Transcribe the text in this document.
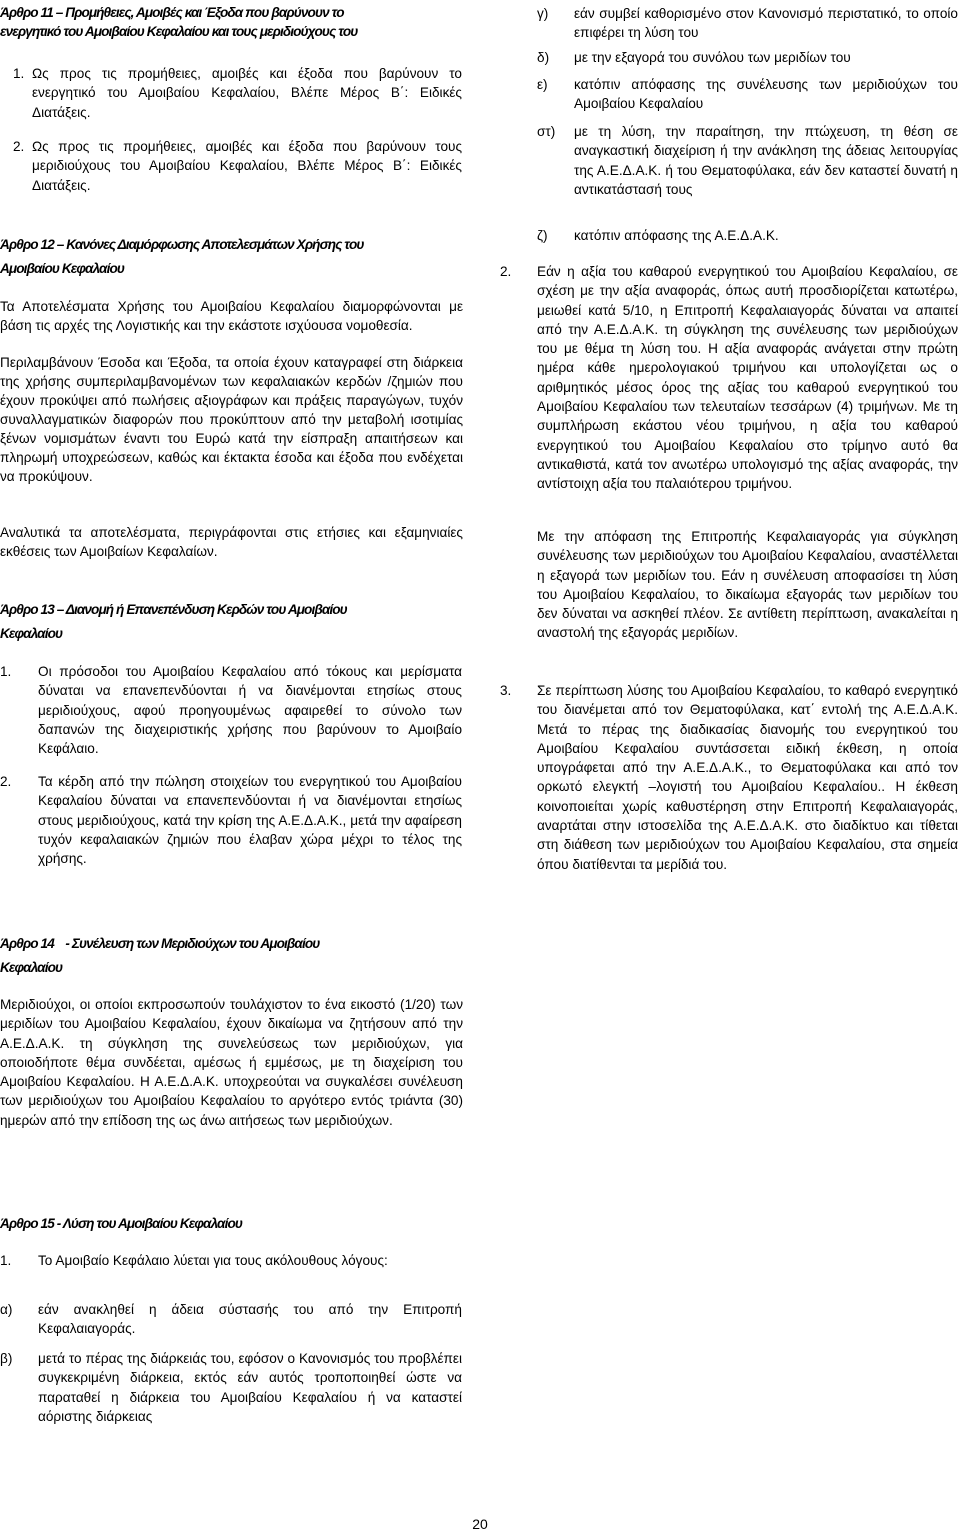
Άρθρο 11 – Προμήθειες, Αμοιβές και Έξοδα που βαρύνουν το
ενεργητικό του Αμοιβαίου Κεφαλαίου και τους μεριδιούχους του
1. Ως προς τις προμήθειες, αμοιβές και έξοδα που βαρύνουν το ενεργητικό του Αμοιβαίου Κεφαλαίου, Βλέπε Μέρος Β΄: Ειδικές Διατάξεις.
2. Ως προς τις προμήθειες, αμοιβές και έξοδα που βαρύνουν τους μεριδιούχους του Αμοιβαίου Κεφαλαίου, Βλέπε Μέρος Β΄: Ειδικές Διατάξεις.
Άρθρο 12 – Κανόνες Διαμόρφωσης Αποτελεσμάτων Χρήσης του
Αμοιβαίου Κεφαλαίου

Τα Αποτελέσματα Χρήσης του Αμοιβαίου Κεφαλαίου διαμορφώνονται με βάση τις αρχές της Λογιστικής και την εκάστοτε ισχύουσα νομοθεσία.

Περιλαμβάνουν Έσοδα και Έξοδα, τα οποία έχουν καταγραφεί στη διάρκεια της χρήσης συμπεριλαμβανομένων των κεφαλαιακών κερδών /ζημιών που έχουν προκύψει από πωλήσεις αξιογράφων και πράξεις παραγώγων, τυχόν συναλλαγματικών διαφορών που προκύπτουν από την μεταβολή ισοτιμίας ξένων νομισμάτων έναντι του Ευρώ κατά την είσπραξη απαιτήσεων και πληρωμή υποχρεώσεων, καθώς και έκτακτα έσοδα και έξοδα που ενδέχεται να προκύψουν.

Αναλυτικά τα αποτελέσματα, περιγράφονται στις ετήσιες και εξαμηνιαίες εκθέσεις των Αμοιβαίων Κεφαλαίων.

Άρθρο 13 – Διανομή ή Επανεπένδυση Κερδών του Αμοιβαίου
Κεφαλαίου
1.	Οι πρόσοδοι του Αμοιβαίου Κεφαλαίου από τόκους και μερίσματα δύναται να επανεπενδύονται ή να διανέμονται ετησίως στους μεριδιούχους, αφού προηγουμένως αφαιρεθεί το σύνολο των δαπανών της διαχειριστικής χρήσης που βαρύνουν το Αμοιβαίο Κεφάλαιο.
2.	Τα κέρδη από την πώληση στοιχείων του ενεργητικού του Αμοιβαίου Κεφαλαίου δύναται να επανεπενδύονται ή να διανέμονται ετησίως στους μεριδιούχους, κατά την κρίση της Α.Ε.Δ.Α.Κ., μετά την αφαίρεση τυχόν κεφαλαιακών ζημιών που έλαβαν χώρα μέχρι το τέλος της χρήσης.
Άρθρο 14    - Συνέλευση των Μεριδιούχων του Αμοιβαίου
Κεφαλαίου

Μεριδιούχοι, οι οποίοι εκπροσωπούν τουλάχιστον το ένα εικοστό (1/20) των μεριδίων του Αμοιβαίου Κεφαλαίου, έχουν δικαίωμα να ζητήσουν από την Α.Ε.Δ.Α.Κ. τη σύγκληση της συνελεύσεως των μεριδιούχων, για οποιοδήποτε θέμα συνδέεται, αμέσως ή εμμέσως, με τη διαχείριση του Αμοιβαίου Κεφαλαίου. Η Α.Ε.Δ.Α.Κ. υποχρεούται να συγκαλέσει συνέλευση των μεριδιούχων του Αμοιβαίου Κεφαλαίου το αργότερο εντός τριάντα (30) ημερών από την επίδοση της ως άνω αιτήσεως των μεριδιούχων.

Άρθρο 15 - Λύση του Αμοιβαίου Κεφαλαίου
1.	Το Αμοιβαίο Κεφάλαιο λύεται για τους ακόλουθους λόγους:
α)	εάν ανακληθεί η άδεια σύστασής του από την Επιτροπή Κεφαλαιαγοράς.
β)	μετά το πέρας της διάρκειάς του, εφόσον ο Κανονισμός του προβλέπει συγκεκριμένη διάρκεια, εκτός εάν αυτός τροποποιηθεί ώστε να παραταθεί η διάρκεια του Αμοιβαίου Κεφαλαίου ή να καταστεί αόριστης διάρκειας
γ)	εάν συμβεί καθορισμένο στον Κανονισμό περιστατικό, το οποίο επιφέρει τη λύση του
δ)	με την εξαγορά του συνόλου των μεριδίων του
ε)	κατόπιν απόφασης της συνέλευσης των μεριδιούχων του Αμοιβαίου Κεφαλαίου
στ)	με τη λύση, την παραίτηση, την πτώχευση, τη θέση σε αναγκαστική διαχείριση ή την ανάκληση της άδειας λειτουργίας της Α.Ε.Δ.Α.Κ. ή του Θεματοφύλακα, εάν δεν καταστεί δυνατή η αντικατάστασή τους
ζ)	κατόπιν απόφασης της Α.Ε.Δ.Α.Κ.
2.	Εάν η αξία του καθαρού ενεργητικού του Αμοιβαίου Κεφαλαίου, σε σχέση με την αξία αναφοράς, όπως αυτή προσδιορίζεται κατωτέρω, μειωθεί κατά 5/10, η Επιτροπή Κεφαλαιαγοράς δύναται να απαιτεί από την Α.Ε.Δ.Α.Κ. τη σύγκληση της συνέλευσης των μεριδιούχων του με θέμα τη λύση του. Η αξία αναφοράς ανάγεται στην πρώτη ημέρα κάθε ημερολογιακού τριμήνου και υπολογίζεται ως ο αριθμητικός μέσος όρος της αξίας του καθαρού ενεργητικού του Αμοιβαίου Κεφαλαίου των τελευταίων τεσσάρων (4) τριμήνων. Με τη συμπλήρωση εκάστου νέου τριμήνου, η αξία του καθαρού ενεργητικού του Αμοιβαίου Κεφαλαίου στο τρίμηνο αυτό θα αντικαθιστά, κατά τον ανωτέρω υπολογισμό της αξίας αναφοράς, την αντίστοιχη αξία του παλαιότερου τριμήνου.

Με την απόφαση της Επιτροπής Κεφαλαιαγοράς για σύγκληση συνέλευσης των μεριδιούχων του Αμοιβαίου Κεφαλαίου, αναστέλλεται η εξαγορά των μεριδίων του. Εάν η συνέλευση αποφασίσει τη λύση του Αμοιβαίου Κεφαλαίου, το δικαίωμα εξαγοράς των μεριδίων του δεν δύναται να ασκηθεί πλέον. Σε αντίθετη περίπτωση, ανακαλείται η αναστολή της εξαγοράς μεριδίων.

3.	Σε περίπτωση λύσης του Αμοιβαίου Κεφαλαίου, το καθαρό ενεργητικό του διανέμεται από τον Θεματοφύλακα, κατ΄ εντολή της Α.Ε.Δ.Α.Κ. Μετά το πέρας της διαδικασίας διανομής του ενεργητικού του Αμοιβαίου Κεφαλαίου συντάσσεται ειδική έκθεση, η οποία υπογράφεται από την Α.Ε.Δ.Α.Κ., το Θεματοφύλακα και από τον ορκωτό ελεγκτή –λογιστή του Αμοιβαίου Κεφαλαίου.. Η έκθεση κοινοποιείται χωρίς καθυστέρηση στην Επιτροπή Κεφαλαιαγοράς, αναρτάται στην ιστοσελίδα της Α.Ε.Δ.Α.Κ. στο διαδίκτυο και τίθεται στη διάθεση των μεριδιούχων του Αμοιβαίου Κεφαλαίου, στα σημεία όπου διατίθενται τα μερίδιά του.
20
